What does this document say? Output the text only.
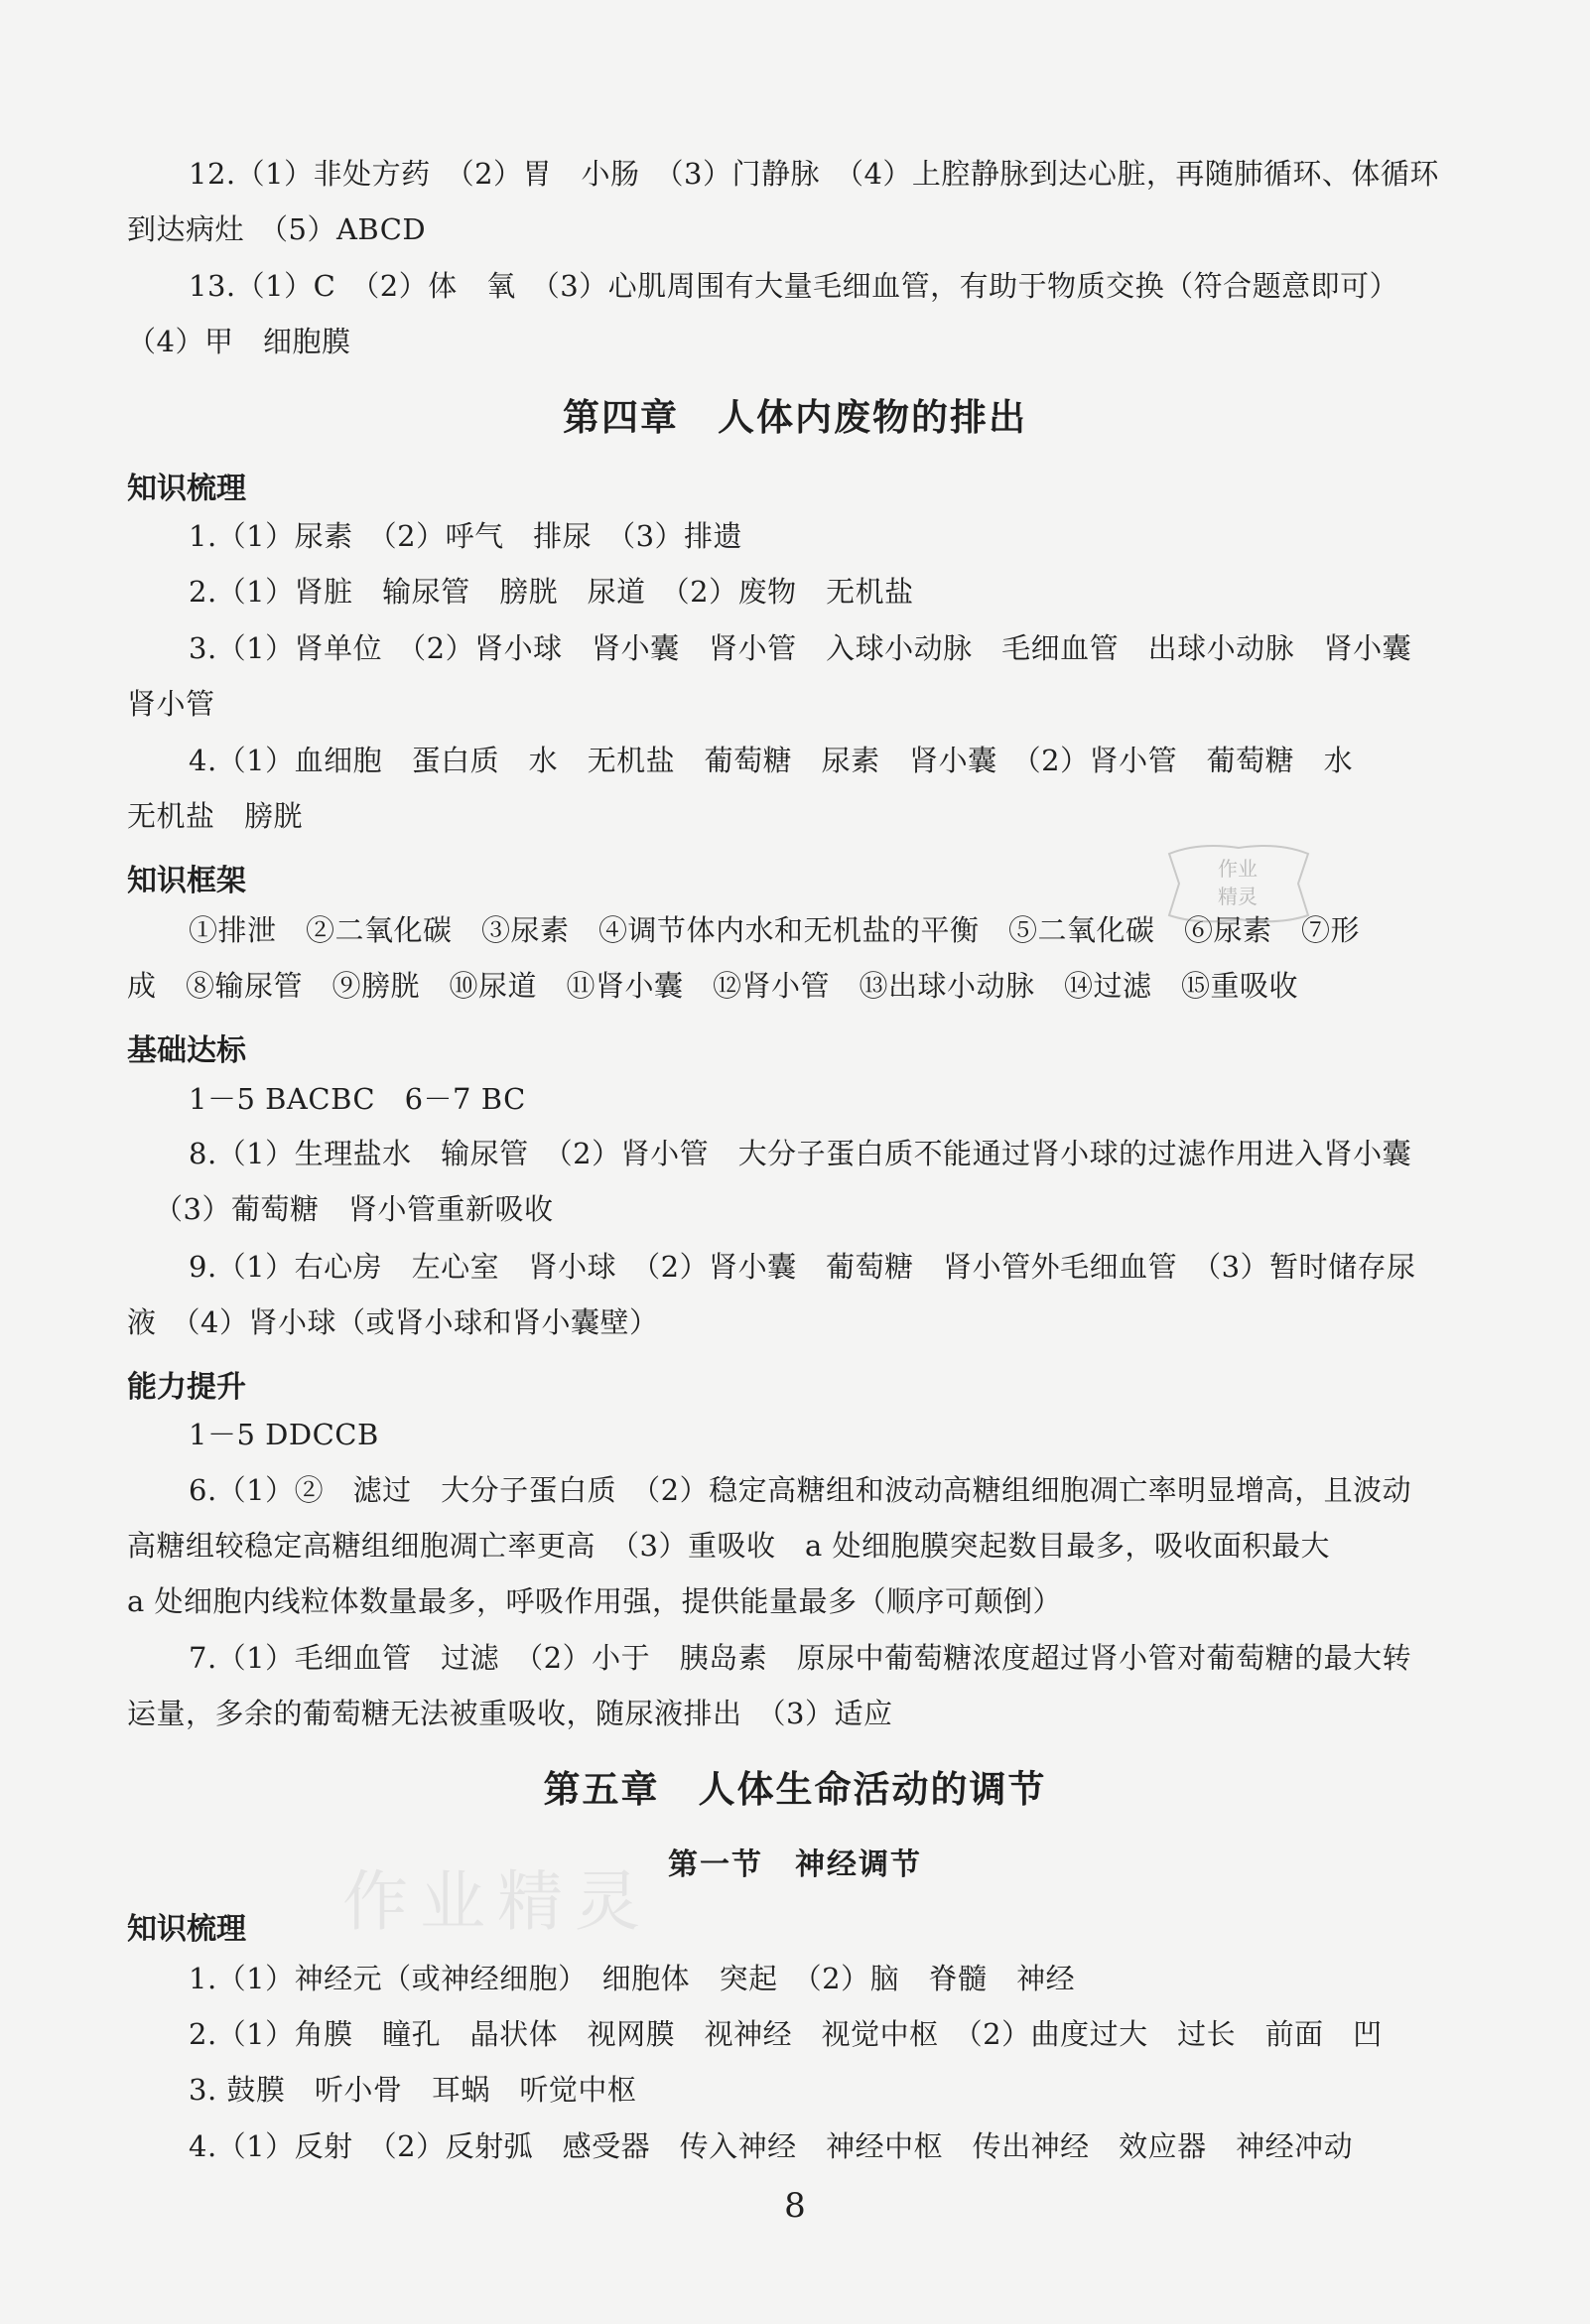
12.（1）非处方药　（2）胃　小肠　（3）门静脉　（4）上腔静脉到达心脏，再随肺循环、体循环
到达病灶　（5）ABCD
13.（1）C　（2）体　氧　（3）心肌周围有大量毛细血管，有助于物质交换（符合题意即可）
（4）甲　细胞膜
第四章　人体内废物的排出
知识梳理
1.（1）尿素　（2）呼气　排尿　（3）排遗
2.（1）肾脏　输尿管　膀胱　尿道　（2）废物　无机盐
3.（1）肾单位　（2）肾小球　肾小囊　肾小管　入球小动脉　毛细血管　出球小动脉　肾小囊
肾小管
4.（1）血细胞　蛋白质　水　无机盐　葡萄糖　尿素　肾小囊　（2）肾小管　葡萄糖　水
无机盐　膀胱
知识框架
①排泄　②二氧化碳　③尿素　④调节体内水和无机盐的平衡　⑤二氧化碳　⑥尿素　⑦形
成　⑧输尿管　⑨膀胱　⑩尿道　⑪肾小囊　⑫肾小管　⑬出球小动脉　⑭过滤　⑮重吸收
基础达标
1－5 BACBC　6－7 BC
8.（1）生理盐水　输尿管　（2）肾小管　大分子蛋白质不能通过肾小球的过滤作用进入肾小囊
（3）葡萄糖　肾小管重新吸收
9.（1）右心房　左心室　肾小球　（2）肾小囊　葡萄糖　肾小管外毛细血管　（3）暂时储存尿
液　（4）肾小球（或肾小球和肾小囊壁）
能力提升
1－5 DDCCB
6.（1）②　滤过　大分子蛋白质　（2）稳定高糖组和波动高糖组细胞凋亡率明显增高，且波动
高糖组较稳定高糖组细胞凋亡率更高　（3）重吸收　a 处细胞膜突起数目最多，吸收面积最大
a 处细胞内线粒体数量最多，呼吸作用强，提供能量最多（顺序可颠倒）
7.（1）毛细血管　过滤　（2）小于　胰岛素　原尿中葡萄糖浓度超过肾小管对葡萄糖的最大转
运量，多余的葡萄糖无法被重吸收，随尿液排出　（3）适应
第五章　人体生命活动的调节
第一节　神经调节
知识梳理
1.（1）神经元（或神经细胞）　细胞体　突起　（2）脑　脊髓　神经
2.（1）角膜　瞳孔　晶状体　视网膜　视神经　视觉中枢　（2）曲度过大　过长　前面　凹
3. 鼓膜　听小骨　耳蜗　听觉中枢
4.（1）反射　（2）反射弧　感受器　传入神经　神经中枢　传出神经　效应器　神经冲动
8
作业
精灵
作业精灵
